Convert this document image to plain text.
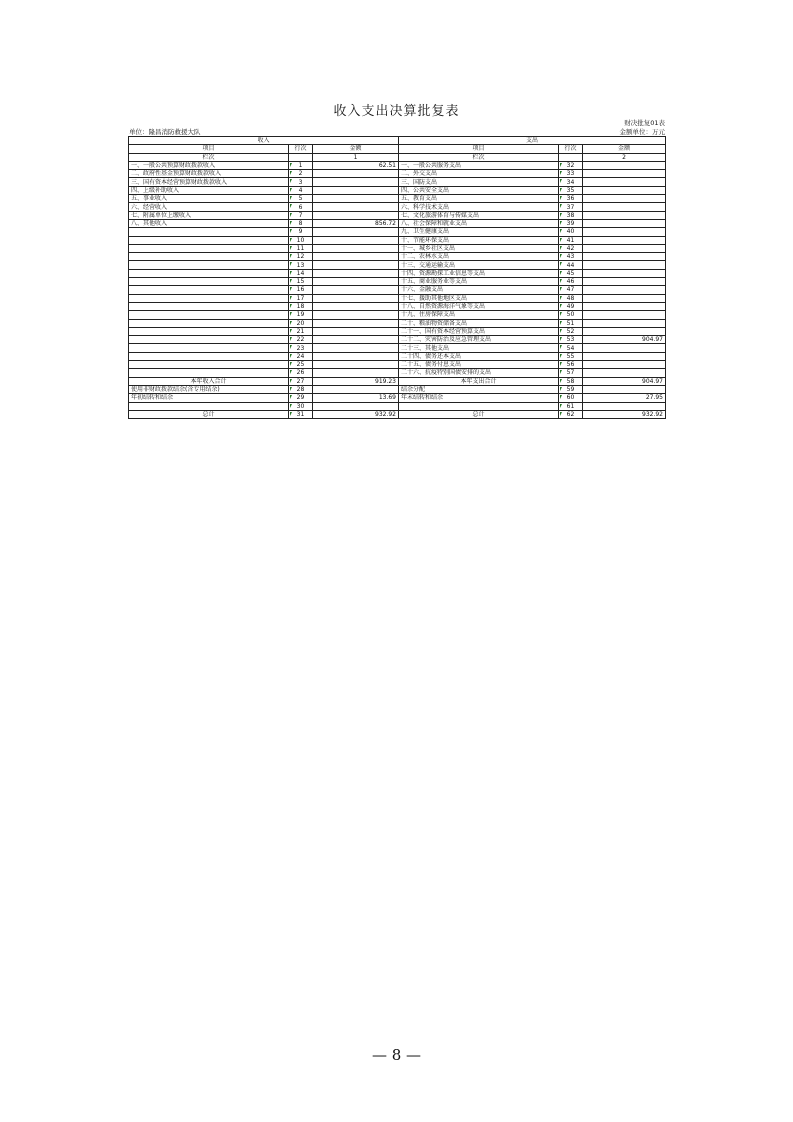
收入支出决算批复表
财决批复01表
单位：隆昌消防救援大队	金额单位：万元
收入			支出		
项目	行次	金额	项目	行次	金额
栏次		1	栏次		2
一、一般公共预算财政拨款收入	1	62.51	一、一般公共服务支出	32	
二、政府性基金预算财政拨款收入	2		二、外交支出	33	
三、国有资本经营预算财政拨款收入	3		三、国防支出	34	
四、上级补助收入	4		四、公共安全支出	35	
五、事业收入	5		五、教育支出	36	
六、经营收入	6		六、科学技术支出	37	
七、附属单位上缴收入	7		七、文化旅游体育与传媒支出	38	
八、其他收入	8	856.72	八、社会保障和就业支出	39	
	9		九、卫生健康支出	40	
	10		十、节能环保支出	41	
	11		十一、城乡社区支出	42	
	12		十二、农林水支出	43	
	13		十三、交通运输支出	44	
	14		十四、资源勘探工业信息等支出	45	
	15		十五、商业服务业等支出	46	
	16		十六、金融支出	47	
	17		十七、援助其他地区支出	48	
	18		十八、自然资源海洋气象等支出	49	
	19		十九、住房保障支出	50	
	20		二十、粮油物资储备支出	51	
	21		二十一、国有资本经营预算支出	52	
	22		二十二、灾害防治及应急管理支出	53	904.97
	23		二十三、其他支出	54	
	24		二十四、债务还本支出	55	
	25		二十五、债务付息支出	56	
	26		二十六、抗疫特别国债安排的支出	57	
本年收入合计	27	919.23	本年支出合计	58	904.97
使用非财政拨款结余(含专用结余)	28		结余分配	59	
年初结转和结余	29	13.69	年末结转和结余	60	27.95
	30			61	
总计	31	932.92	总计	62	932.92
— 8 —
